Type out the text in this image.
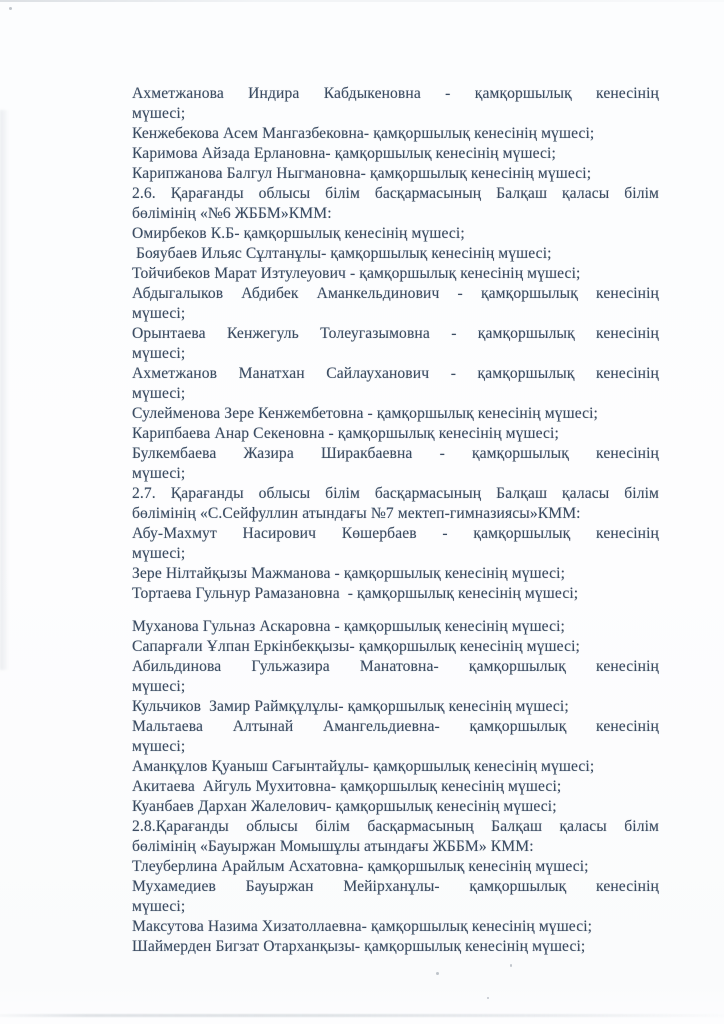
Ахметжанова Индира Кабдыкеновна - қамқоршылық кенесінің
мүшесі;
Кенжебекова Асем Мангазбековна- қамқоршылық кенесінің мүшесі;
Каримова Айзада Ерлановна- қамқоршылық кенесінің мүшесі;
Карипжанова Балгул Ныгмановна- қамқоршылық кенесінің мүшесі;
2.6. Қарағанды облысы білім басқармасының Балқаш қаласы білім
бөлімінің «№6 ЖББМ»КММ:
Омирбеков К.Б- қамқоршылық кенесінің мүшесі;
Бояубаев Ильяс Сұлтанұлы- қамқоршылық кенесінің мүшесі;
Тойчибеков Марат Изтулеуович - қамқоршылық кенесінің мүшесі;
Абдыгалыков Абдибек Аманкельдинович - қамқоршылық кенесінің
мүшесі;
Орынтаева Кенжегуль Толеугазымовна - қамқоршылық кенесінің
мүшесі;
Ахметжанов Манатхан Сайлауханович - қамқоршылық кенесінің
мүшесі;
Сулейменова Зере Кенжембетовна - қамқоршылық кенесінің мүшесі;
Карипбаева Анар Секеновна - қамқоршылық кенесінің мүшесі;
Булкембаева Жазира Ширакбаевна - қамқоршылық кенесінің
мүшесі;
2.7. Қарағанды облысы білім басқармасының Балқаш қаласы білім
бөлімінің «С.Сейфуллин атындағы №7 мектеп-гимназиясы»КММ:
Абу-Махмут Насирович Көшербаев - қамқоршылық кенесінің
мүшесі;
Зере Нілтайқызы Мажманова - қамқоршылық кенесінің мүшесі;
Тортаева Гульнур Рамазановна  - қамқоршылық кенесінің мүшесі;
Муханова Гульназ Аскаровна - қамқоршылық кенесінің мүшесі;
Сапарғали Ұлпан Еркінбекқызы- қамқоршылық кенесінің мүшесі;
Абильдинова Гульжазира Манатовна- қамқоршылық кенесінің
мүшесі;
Кульчиков  Замир Раймқұлұлы- қамқоршылық кенесінің мүшесі;
Мальтаева Алтынай Амангельдиевна- қамқоршылық кенесінің
мүшесі;
Аманқұлов Қуаныш Сағынтайұлы- қамқоршылық кенесінің мүшесі;
Акитаева  Айгуль Мухитовна- қамқоршылық кенесінің мүшесі;
Куанбаев Дархан Жалелович- қамқоршылық кенесінің мүшесі;
2.8.Қарағанды облысы білім басқармасының Балқаш қаласы білім
бөлімінің «Бауыржан Момышұлы атындағы ЖББМ» КММ:
Тлеуберлина Арайлым Асхатовна- қамқоршылық кенесінің мүшесі;
Мухамедиев Бауыржан Мейірханұлы- қамқоршылық кенесінің
мүшесі;
Максутова Назима Хизатоллаевна- қамқоршылық кенесінің мүшесі;
Шаймерден Бигзат Отарханқызы- қамқоршылық кенесінің мүшесі;
